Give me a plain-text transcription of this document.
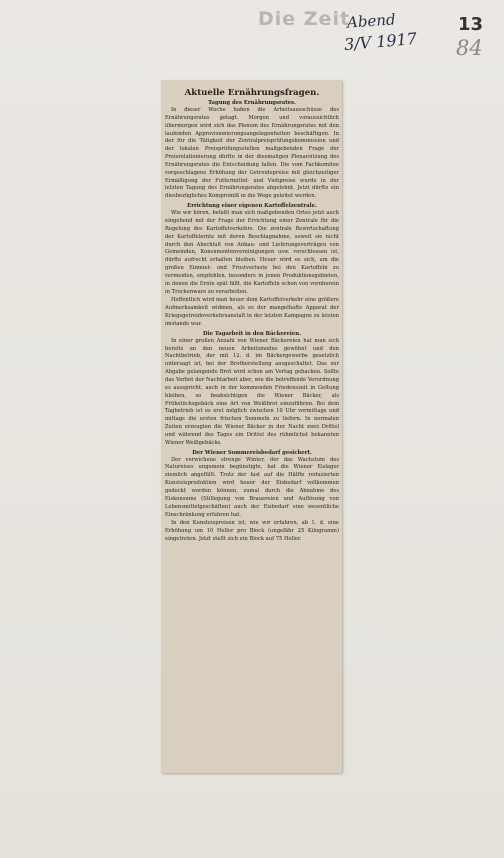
Die Zeit
Abend
3/V 1917
13
84
Aktuelle Ernährungsfragen.
Tagung des Ernährungsrates.

In dieser Woche haben die Arbeitsausschüsse des Ernährungsrates getagt. Morgen und voraussichtlich übermorgen wird sich das Plenum des Ernährungsrates mit den laufenden Approvisionierungsangelegenheiten beschäftigen. In der für die Tätigkeit der Zentralpreisprüfungskommission und der lokalen Preisprüfungsstellen maßgebenden Frage der Preisrelationierung dürfte in der diesmaligen Plenarsitzung des Ernährungsrates die Entscheidung fallen. Die vom Fachkomitee vorgeschlagene Erhöhung der Getreidepreise mit gleichzeitiger Ermäßigung der Futtermittel- und Viehpreise wurde in der letzten Tagung des Ernährungsrates abgelehnt. Jetzt dürfte ein diesbezügliches Kompromiß in die Wege geleitet werden.

Errichtung einer eigenen Kartoffelzentrale.

Wie wir hören, befaßt man sich maßgebenden Ortes jetzt auch eingehend mit der Frage der Errichtung einer Zentrale für die Regelung des Kartoffelverkehrs. Die zentrale Bewirtschaftung der Kartoffelernte mit deren Beschlagnahme, soweit sie nicht durch den Abschluß von Anbau- und Lieferungsverträgen von Gemeinden, Konsumentenvereinigungen usw. verschlossen ist, dürfte aufrecht erhalten bleiben. Heuer wird es sich, um die großen Einmiet- und Frostverluste bei den Kartoffeln zu vermeiden, empfehlen, besonders in jenen Produktionsgebieten, in denen die Ernte spät fällt, die Kartoffeln schon von vornherein in Trockenware zu verarbeiten.

Hoffentlich wird man heuer dem Kartoffelverkehr eine größere Aufmerksamkeit widmen, als es der mangelhafte Apparat der Kriegsgetreideverkehrsanstalt in der letzten Kampagne zu leisten imstande war.

Die Tagarbeit in den Bäckereien.

In einer großen Anzahl von Wiener Bäckereien hat man sich bereits an den neuen Arbeitsmodus gewöhnt und den Nachtbetrieb, der mit 12. d. im Bäckergewerbe gesetzlich untersagt ist, bei der Brotherstellung ausgeschaltet. Das zur Abgabe gelangende Brot wird schon am Vortag gebacken. Sollte das Verbot der Nachtarbeit aber, wie die betreffende Verordnung es ausspricht, auch in der kommenden Friedenszeit in Geltung bleiben, so beabsichtigen die Wiener Bäcker, als Frühstücksgebäck eine Art von Weißbrot einzuführen. Bei dem Tagbetrieb ist es erst möglich zwischen 10 Uhr vormittags und mittags die ersten frischen Semmeln zu liefern. In normalen Zeiten erzeugten die Wiener Bäcker in der Nacht zwei Drittel und während des Tages ein Drittel des rühmlichst bekannten Wiener Weißgebäcks.

Der Wiener Sommereisbedarf gesichert.

Der verwichene strenge Winter, der das Wachstum des Natureises ungemein begünstigte, hat die Wiener Eislager ziemlich angefüllt. Trotz der fast auf die Hälfte reduzierten Kunsteisproduktion wird heuer der Eisbedarf vollkommen gedeckt werden können, zumal durch die Abnahme des Eiskonsums (Stillegung von Brauereien und Auflösung von Lebensmittelgeschäften) auch der Eisbedarf eine wesentliche Einschränkung erfahren hat.

In den Kunsteispreisen ist, wie wir erfahren, ab 1. d. eine Erhöhung um 10 Heller pro Block (ungefähr 25 Kilogramm) eingetreten. Jetzt stellt sich ein Block auf 75 Heller.
